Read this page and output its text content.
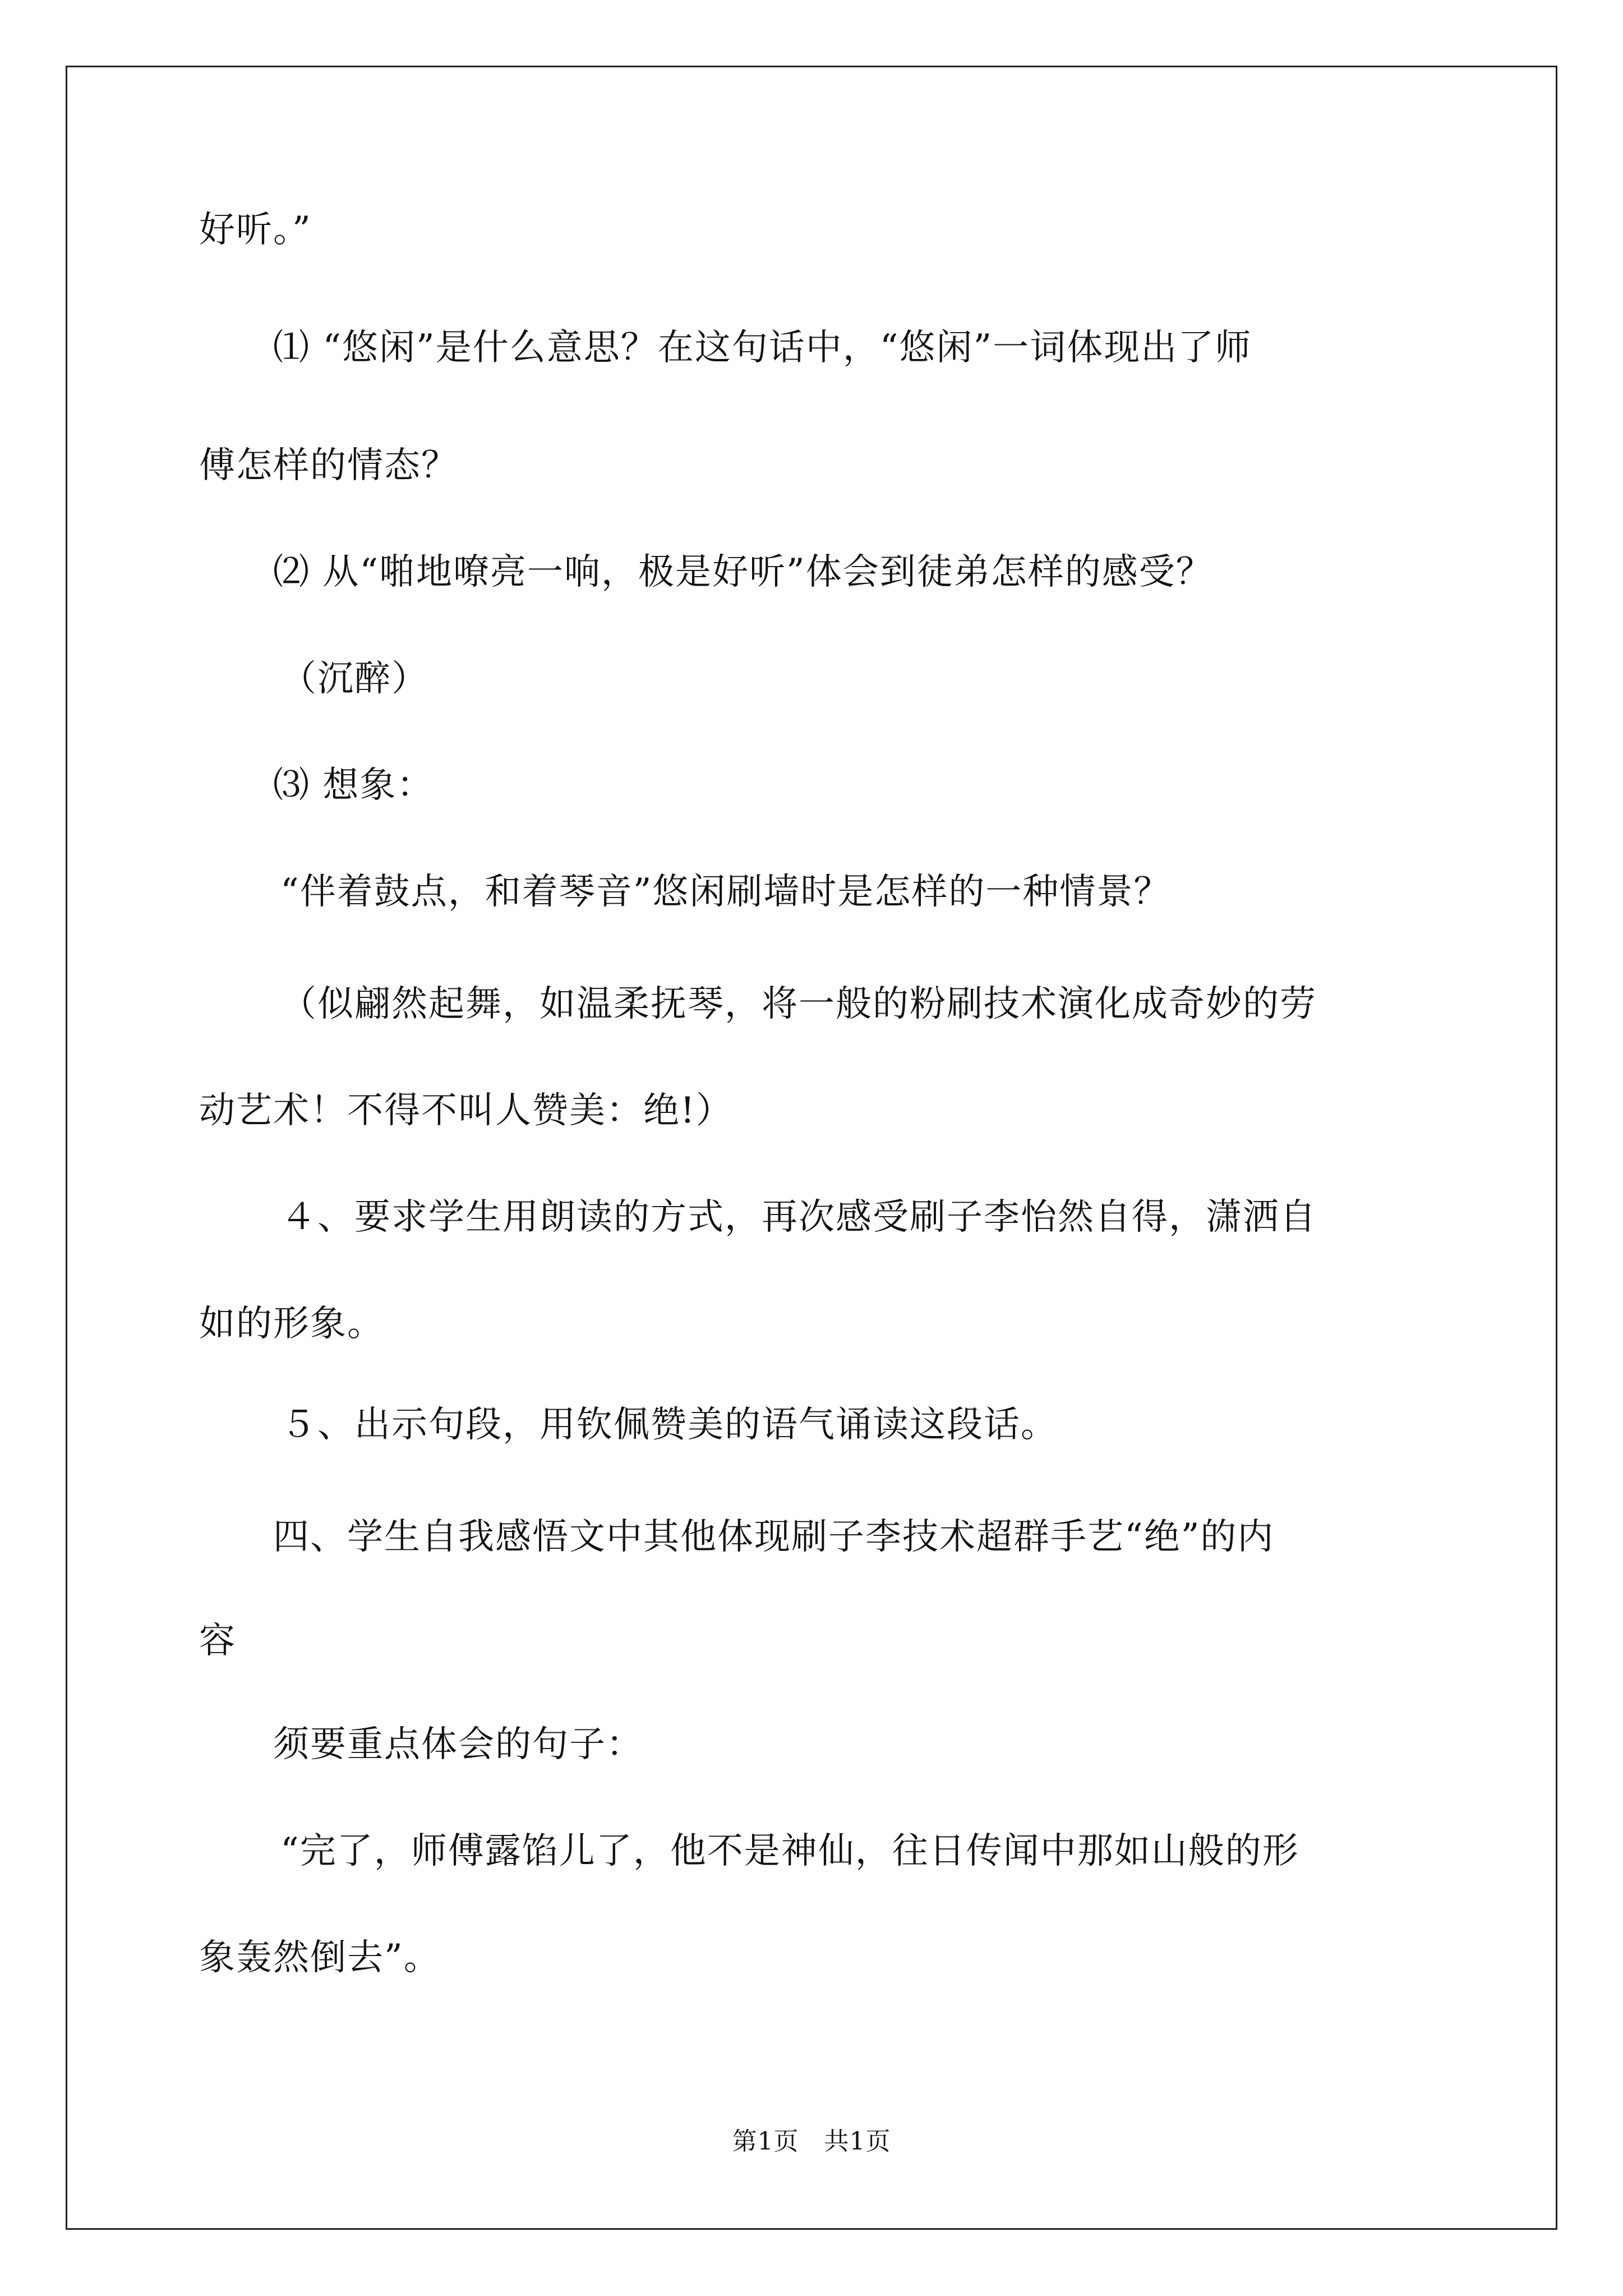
好听。”

⑴ “悠闲”是什么意思？在这句话中，“悠闲”一词体现出了师

傅怎样的情态？

⑵ 从“啪地嘹亮一响，极是好听”体会到徒弟怎样的感受？

（沉醉）

⑶ 想象：

“伴着鼓点，和着琴音”悠闲刷墙时是怎样的一种情景？

（似翩然起舞，如温柔抚琴，将一般的粉刷技术演化成奇妙的劳

动艺术！不得不叫人赞美：绝!）

４、要求学生用朗读的方式，再次感受刷子李怡然自得，潇洒自

如的形象。

５、出示句段，用钦佩赞美的语气诵读这段话。

四、学生自我感悟文中其他体现刷子李技术超群手艺“绝”的内

容

须要重点体会的句子：

“完了，师傅露馅儿了，他不是神仙，往日传闻中那如山般的形

象轰然倒去”。

第1页　共1页
